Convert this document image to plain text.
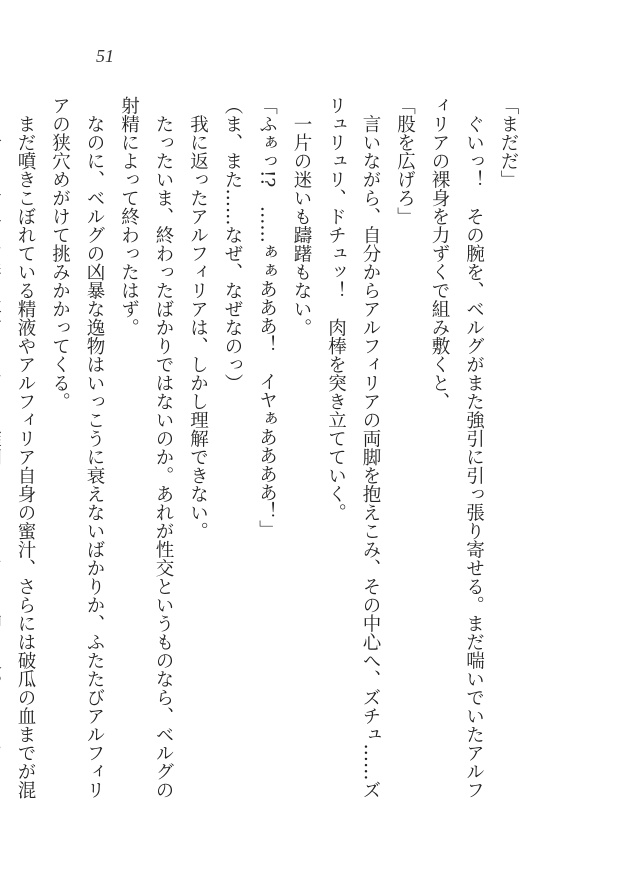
51

「まだだ」

　ぐいっ！　その腕を、ベルグがまた強引に引っ張り寄せる。まだ喘いでいたアルフ

ィリアの裸身を力ずくで組み敷くと、

「股を広げろ」

　言いながら、自分からアルフィリアの両脚を抱えこみ、その中心へ、ズチュ……ズ

リュリュリ、ドチュッ！　肉棒を突き立てていく。

　一片の迷いも躊躇もない。

「ふぁっ!?　……ぁぁあああ！　イヤぁああああ！」

（ま、また……なぜ、なぜなのっ）

　我に返ったアルフィリアは、しかし理解できない。

　たったいま、終わったばかりではないのか。あれが性交というものなら、ベルグの

射精によって終わったはず。

　なのに、ベルグの凶暴な逸物はいっこうに衰えないばかりか、ふたたびアルフィリ

アの狭穴めがけて挑みかかってくる。

　まだ噴きこぼれている精液やアルフィリア自身の蜜汁、さらには破瓜の血までが混
